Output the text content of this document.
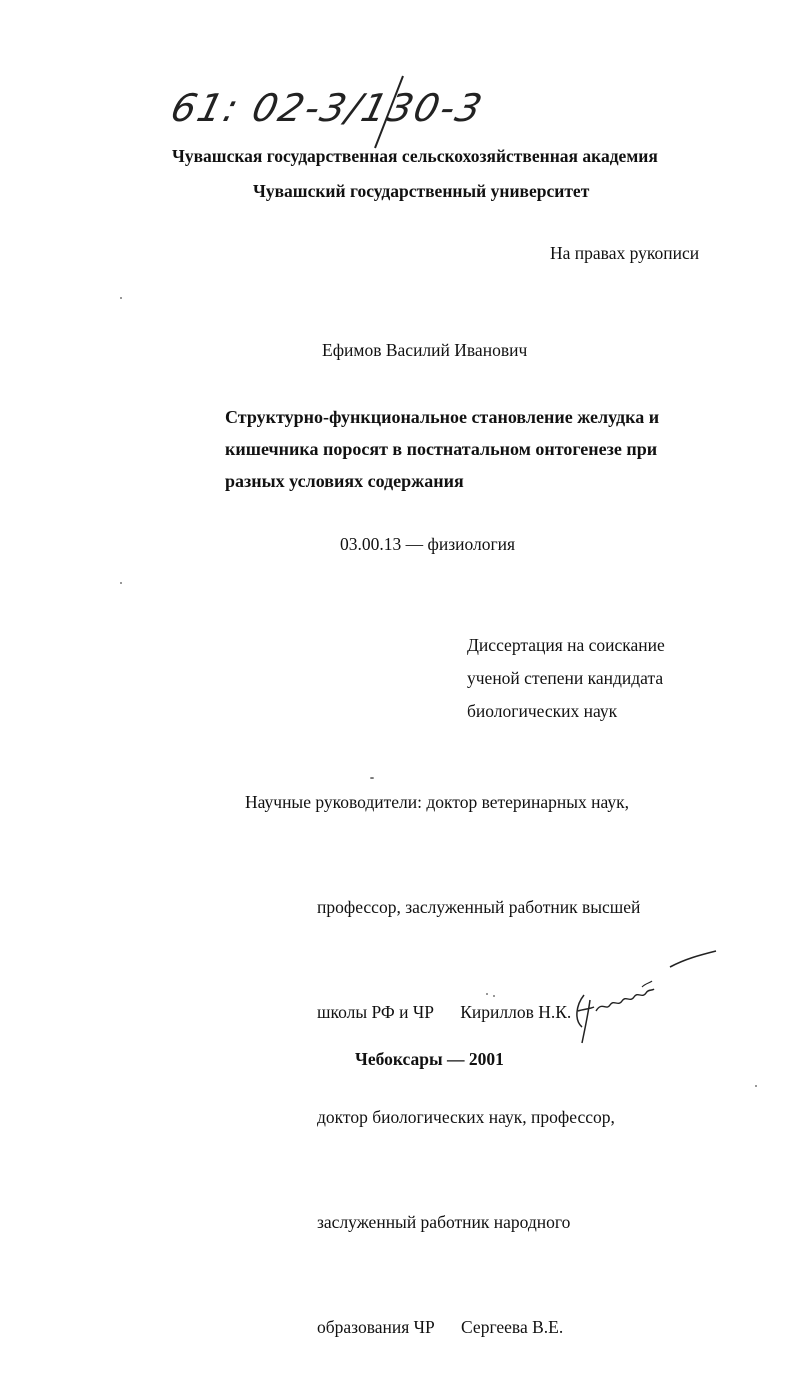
61: 02-3/130-3
Чувашская государственная сельскохозяйственная академия
Чувашский государственный университет
На правах рукописи
Ефимов Василий Иванович
Структурно-функциональное становление желудка и
кишечника поросят в постнатальном онтогенезе при
разных условиях содержания
03.00.13 — физиология
Диссертация на соискание
ученой степени кандидата
биологических наук
Научные руководители: доктор ветеринарных наук,

профессор, заслуженный работник высшей

школы РФ и ЧР      Кириллов Н.К.

доктор биологических наук, профессор,

заслуженный работник народного

образования ЧР      Сергеева В.Е.

Чебоксары — 2001
